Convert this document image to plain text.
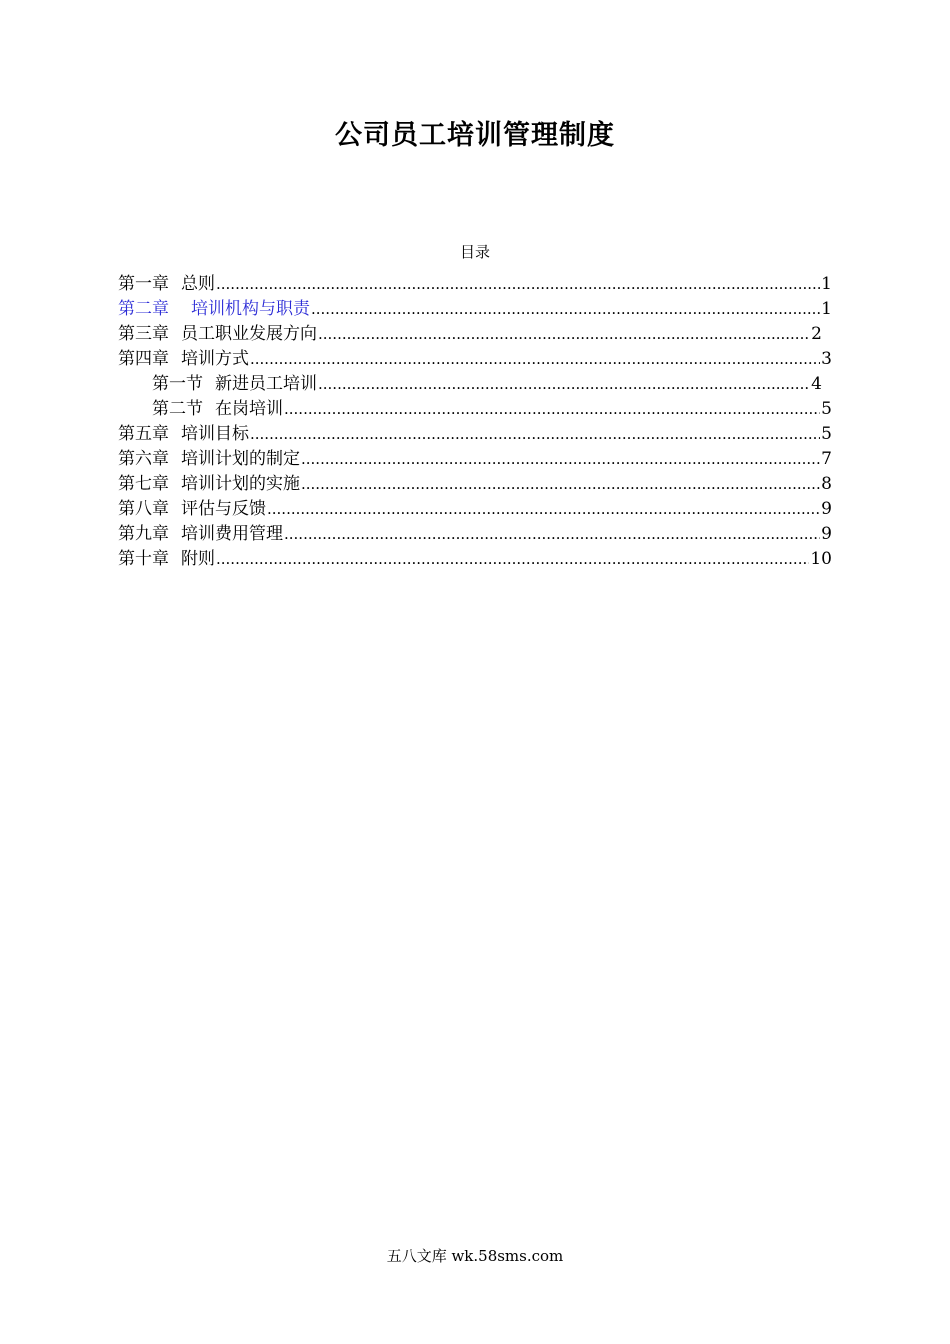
公司员工培训管理制度
目录
第一章 总则 .....	1
第二章 培训机构与职责 .....	1
第三章 员工职业发展方向 .....	2
第四章 培训方式 .....	3
第一节 新进员工培训 .....	4
第二节 在岗培训 .....	5
第五章 培训目标 .....	5
第六章 培训计划的制定 .....	7
第七章 培训计划的实施 .....	8
第八章 评估与反馈 .....	9
第九章 培训费用管理 .....	9
第十章 附则 .....	10
五八文库 wk.58sms.com
